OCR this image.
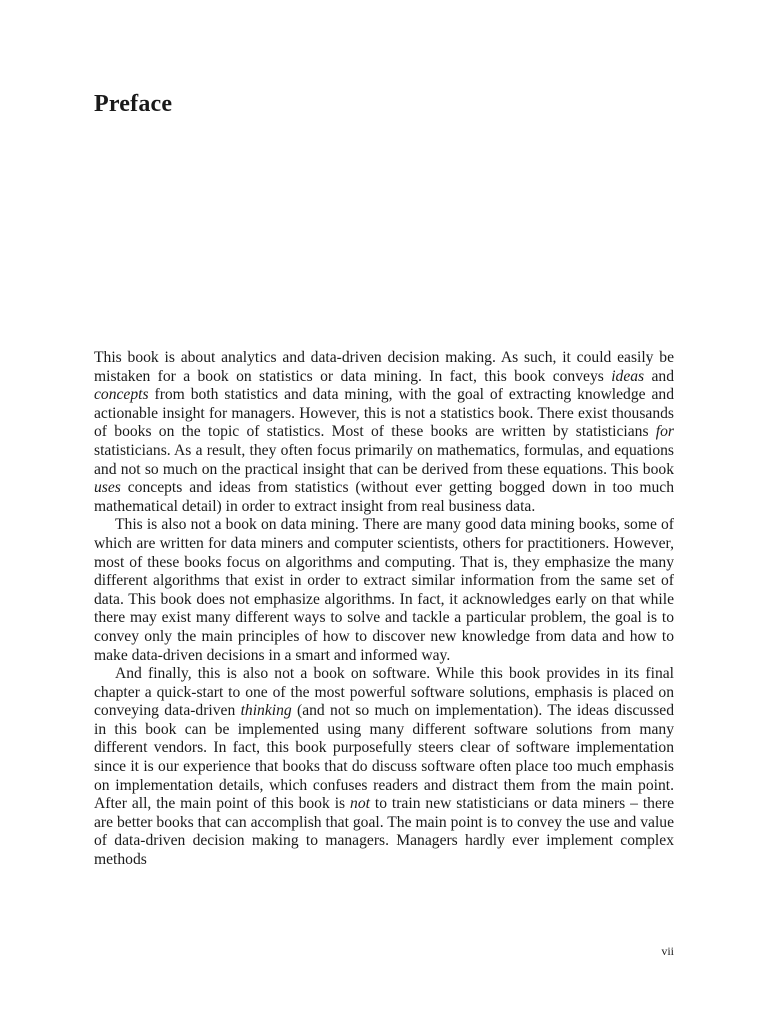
Preface

This book is about analytics and data-driven decision making. As such, it could easily be mistaken for a book on statistics or data mining. In fact, this book conveys ideas and concepts from both statistics and data mining, with the goal of extracting knowledge and actionable insight for managers. However, this is not a statistics book. There exist thousands of books on the topic of statistics. Most of these books are written by statisticians for statisticians. As a result, they often focus primarily on mathematics, formulas, and equations and not so much on the practical insight that can be derived from these equations. This book uses concepts and ideas from statistics (without ever getting bogged down in too much mathematical detail) in order to extract insight from real business data.

This is also not a book on data mining. There are many good data mining books, some of which are written for data miners and computer scientists, others for practitioners. However, most of these books focus on algorithms and computing. That is, they emphasize the many different algorithms that exist in order to extract similar information from the same set of data. This book does not emphasize algorithms. In fact, it acknowledges early on that while there may exist many different ways to solve and tackle a particular problem, the goal is to convey only the main principles of how to discover new knowledge from data and how to make data-driven decisions in a smart and informed way.

And finally, this is also not a book on software. While this book provides in its final chapter a quick-start to one of the most powerful software solutions, emphasis is placed on conveying data-driven thinking (and not so much on implementation). The ideas discussed in this book can be implemented using many different software solutions from many different vendors. In fact, this book purposefully steers clear of software implementation since it is our experience that books that do discuss software often place too much emphasis on implementation details, which confuses readers and distract them from the main point. After all, the main point of this book is not to train new statisticians or data miners – there are better books that can accomplish that goal. The main point is to convey the use and value of data-driven decision making to managers. Managers hardly ever implement complex methods

vii
